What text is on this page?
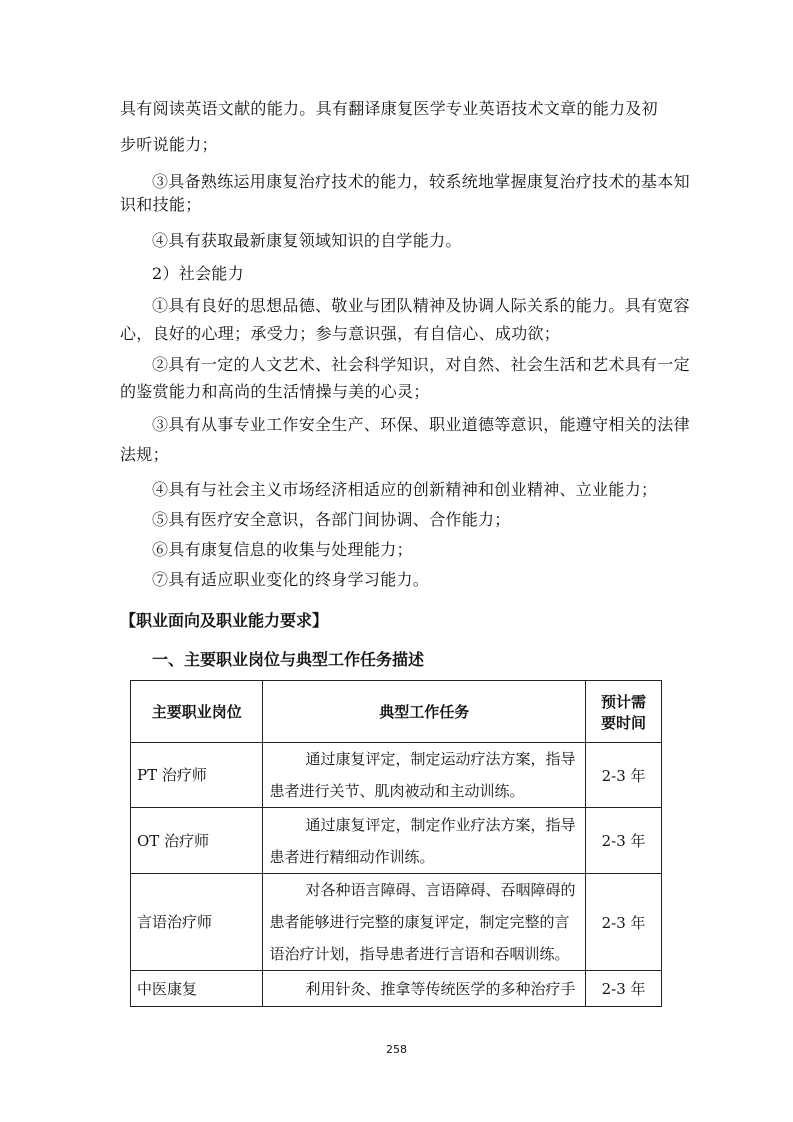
具有阅读英语文献的能力。具有翻译康复医学专业英语技术文章的能力及初
步听说能力；
③具备熟练运用康复治疗技术的能力，较系统地掌握康复治疗技术的基本知
识和技能；
④具有获取最新康复领域知识的自学能力。
2）社会能力
①具有良好的思想品德、敬业与团队精神及协调人际关系的能力。具有宽容
心，良好的心理；承受力；参与意识强，有自信心、成功欲；
②具有一定的人文艺术、社会科学知识，对自然、社会生活和艺术具有一定
的鉴赏能力和高尚的生活情操与美的心灵；
③具有从事专业工作安全生产、环保、职业道德等意识，能遵守相关的法律
法规；
④具有与社会主义市场经济相适应的创新精神和创业精神、立业能力；
⑤具有医疗安全意识，各部门间协调、合作能力；
⑥具有康复信息的收集与处理能力；
⑦具有适应职业变化的终身学习能力。
【职业面向及职业能力要求】
一、主要职业岗位与典型工作任务描述
主要职业岗位	典型工作任务	预计需
要时间

PT 治疗师	通过康复评定，制定运动疗法方案，指导患者进行关节、肌肉被动和主动训练。	2-3 年
OT 治疗师	通过康复评定，制定作业疗法方案，指导患者进行精细动作训练。	2-3 年
言语治疗师	对各种语言障碍、言语障碍、吞咽障碍的患者能够进行完整的康复评定，制定完整的言语治疗计划，指导患者进行言语和吞咽训练。	2-3 年
中医康复	利用针灸、推拿等传统医学的多种治疗手	2-3 年
258
